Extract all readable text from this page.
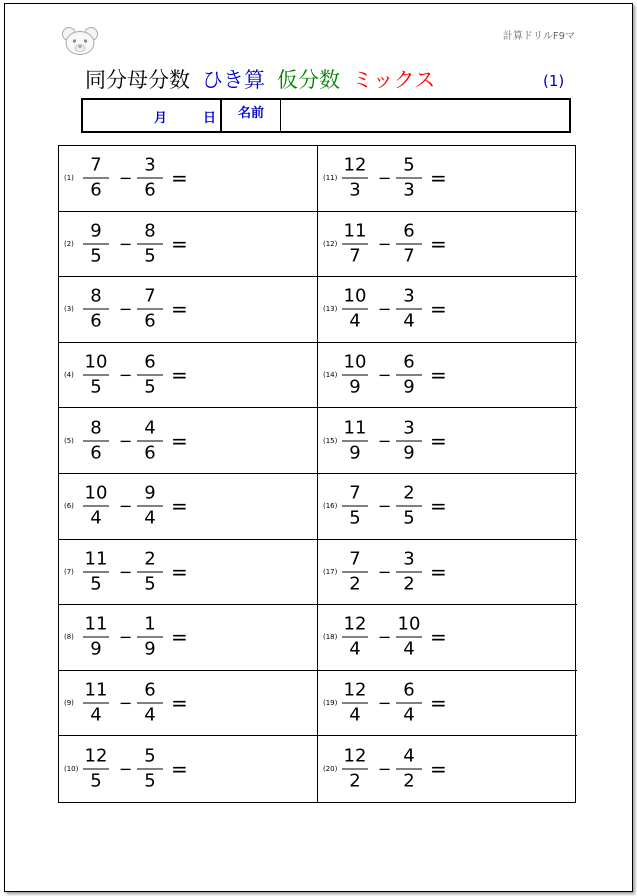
計算ドリルF9マ
同分母分数 ひき算 仮分数 ミックス	(1)
月	日	名前
$(1) \frac{7}{6} - \frac{3}{6}$ =	$(11) \frac{12}{3} - \frac{5}{3}$ =
$(2) \frac{9}{5} - \frac{8}{5}$ =	$(12) \frac{11}{7} - \frac{6}{7}$ =
$(3) \frac{8}{6} - \frac{7}{6}$ =	$(13) \frac{10}{4} - \frac{3}{4}$ =
$(4) \frac{10}{5} - \frac{6}{5}$ =	$(14) \frac{10}{9} - \frac{6}{9}$ =
$(5) \frac{8}{6} - \frac{4}{6}$ =	$(15) \frac{11}{9} - \frac{3}{9}$ =
$(6) \frac{10}{4} - \frac{9}{4}$ =	$(16) \frac{7}{5} - \frac{2}{5}$ =
$(7) \frac{11}{5} - \frac{2}{5}$ =	$(17) \frac{7}{2} - \frac{3}{2}$ =
$(8) \frac{11}{9} - \frac{1}{9}$ =	$(18) \frac{12}{4} - \frac{10}{4}$ =
$(9) \frac{11}{4} - \frac{6}{4}$ =	$(19) \frac{12}{4} - \frac{6}{4}$ =
$(10) \frac{12}{5} - \frac{5}{5}$ =	$(20) \frac{12}{2} - \frac{4}{2}$ =
